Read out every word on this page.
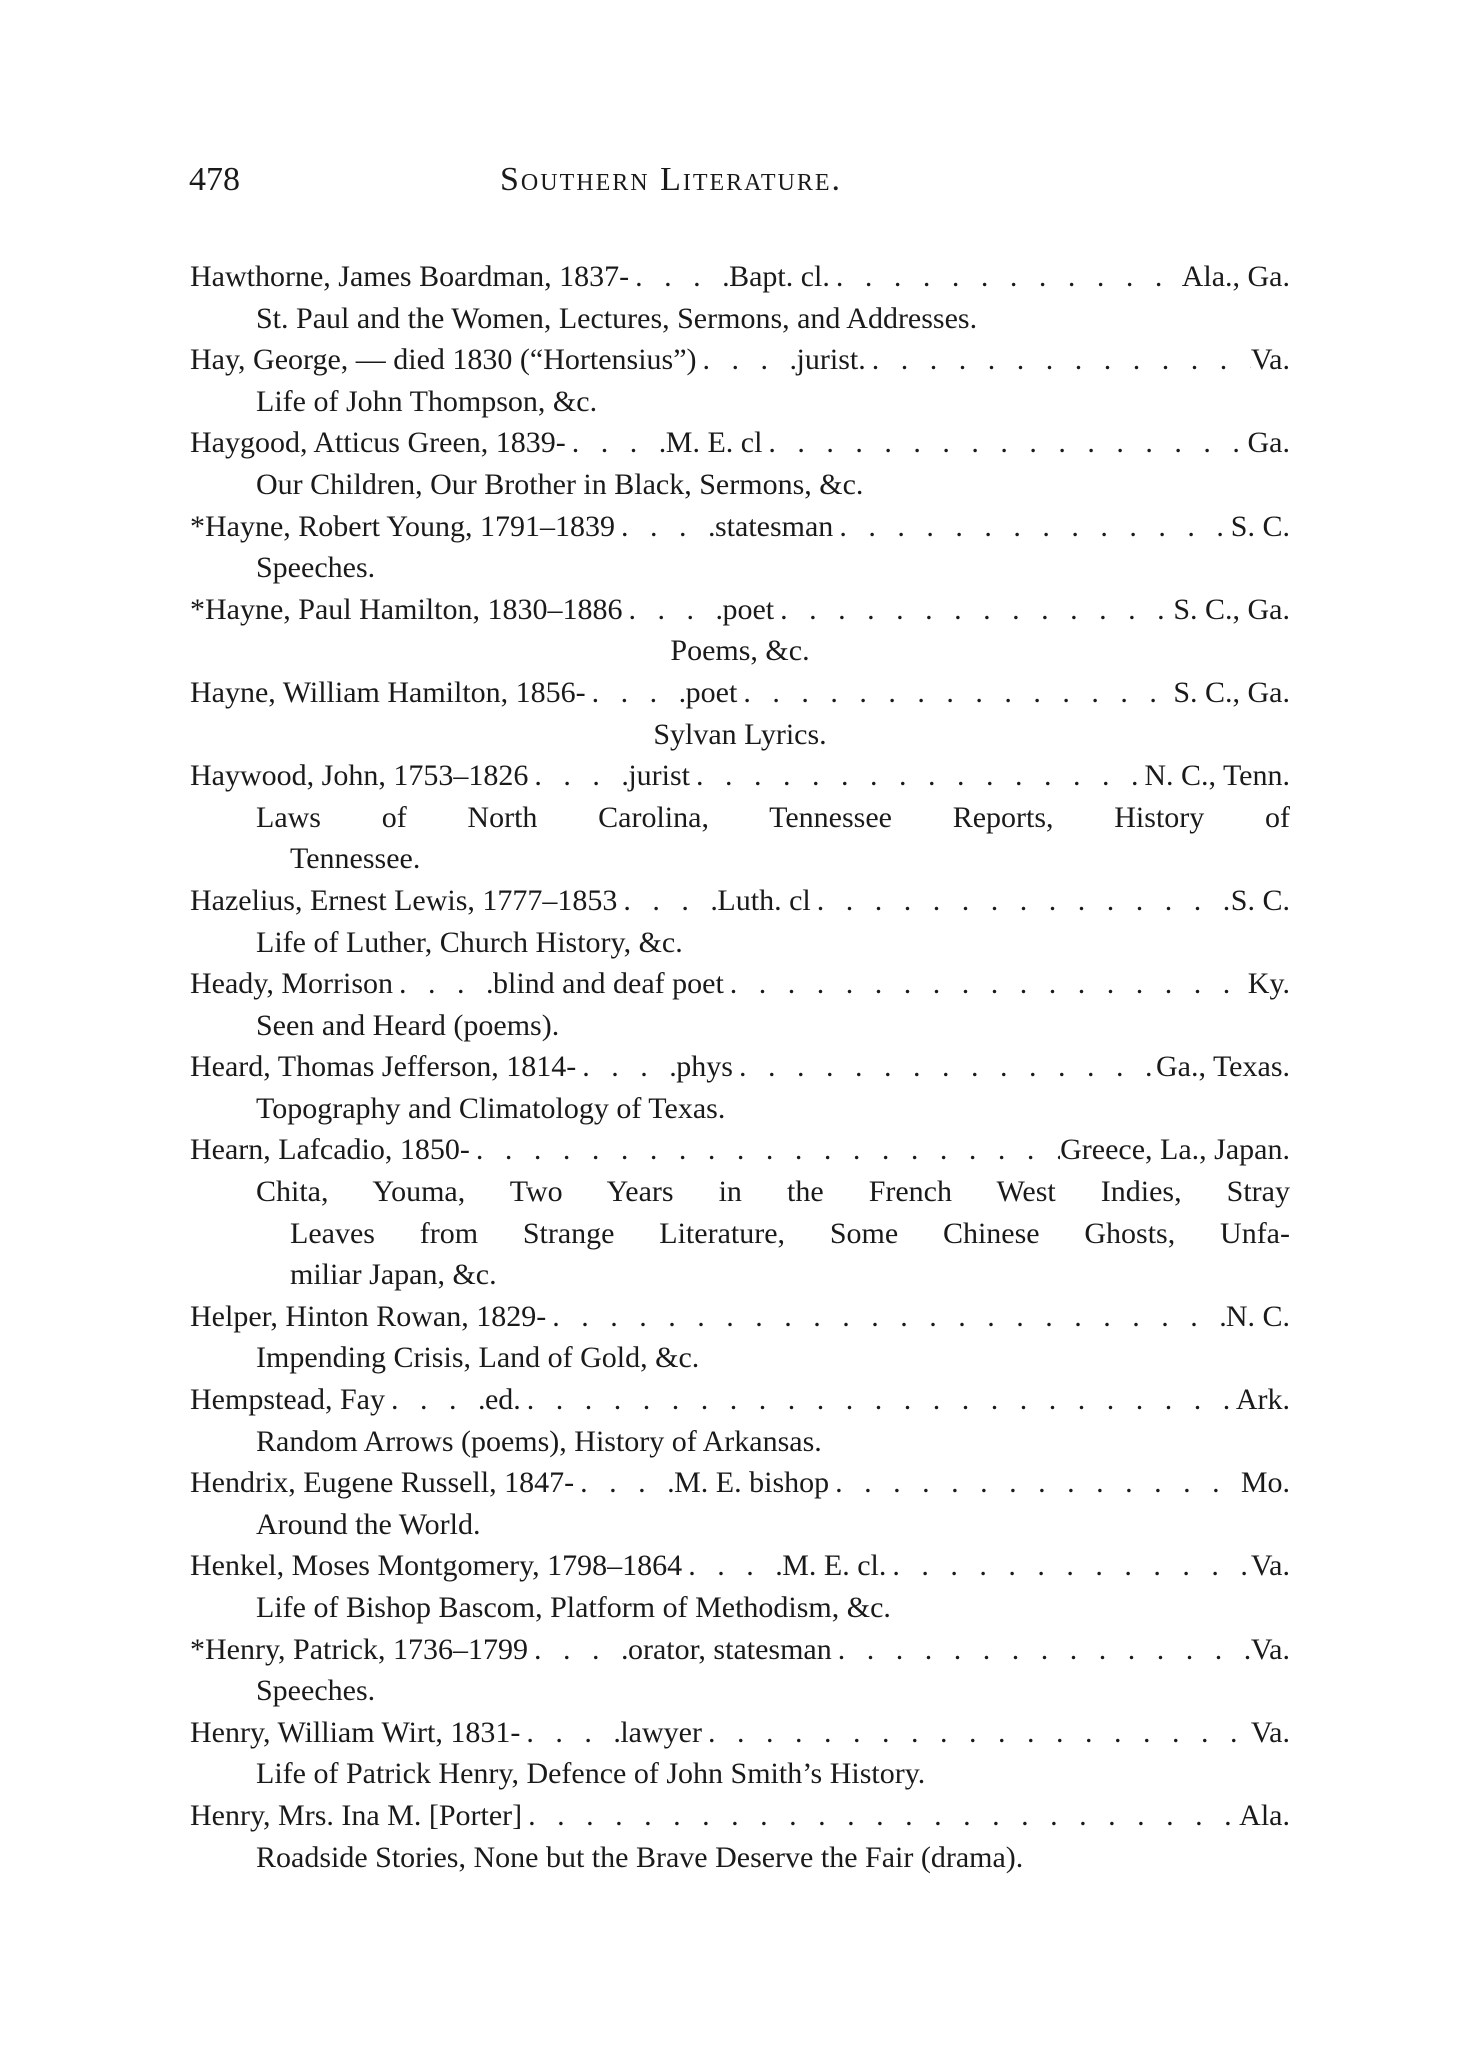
478	Southern Literature.
Hawthorne, James Boardman, 1837- . . .	Bapt. cl. . . .	Ala., Ga.
St. Paul and the Women, Lectures, Sermons, and Addresses.
Hay, George, — died 1830 (“Hortensius”) . . .	jurist. . . .	Va.
Life of John Thompson, &c.
Haygood, Atticus Green, 1839- . . .	M. E. cl . . .	Ga.
Our Children, Our Brother in Black, Sermons, &c.
*Hayne, Robert Young, 1791–1839 . . .	statesman . . .	S. C.
Speeches.
*Hayne, Paul Hamilton, 1830–1886 . . .	poet . . .	S. C., Ga.
Poems, &c.
Hayne, William Hamilton, 1856- . . .	poet . . .	S. C., Ga.
Sylvan Lyrics.
Haywood, John, 1753–1826 . . .	jurist . . .	N. C., Tenn.
Laws of North Carolina, Tennessee Reports, History of
Tennessee.
Hazelius, Ernest Lewis, 1777–1853 . . .	Luth. cl . . .	S. C.
Life of Luther, Church History, &c.
Heady, Morrison . . .	blind and deaf poet . . .	Ky.
Seen and Heard (poems).
Heard, Thomas Jefferson, 1814- . . .	phys . . .	Ga., Texas.
Topography and Climatology of Texas.
Hearn, Lafcadio, 1850- . . .	Greece, La., Japan.
Chita, Youma, Two Years in the French West Indies, Stray
Leaves from Strange Literature, Some Chinese Ghosts, Unfa-
miliar Japan, &c.
Helper, Hinton Rowan, 1829- . . .	N. C.
Impending Crisis, Land of Gold, &c.
Hempstead, Fay . . .	ed. . . .	Ark.
Random Arrows (poems), History of Arkansas.
Hendrix, Eugene Russell, 1847- . . .	M. E. bishop . . .	Mo.
Around the World.
Henkel, Moses Montgomery, 1798–1864 . . .	M. E. cl. . . .	Va.
Life of Bishop Bascom, Platform of Methodism, &c.
*Henry, Patrick, 1736–1799 . . .	orator, statesman . . .	Va.
Speeches.
Henry, William Wirt, 1831- . . .	lawyer . . .	Va.
Life of Patrick Henry, Defence of John Smith’s History.
Henry, Mrs. Ina M. [Porter] . . .	Ala.
Roadside Stories, None but the Brave Deserve the Fair (drama).
